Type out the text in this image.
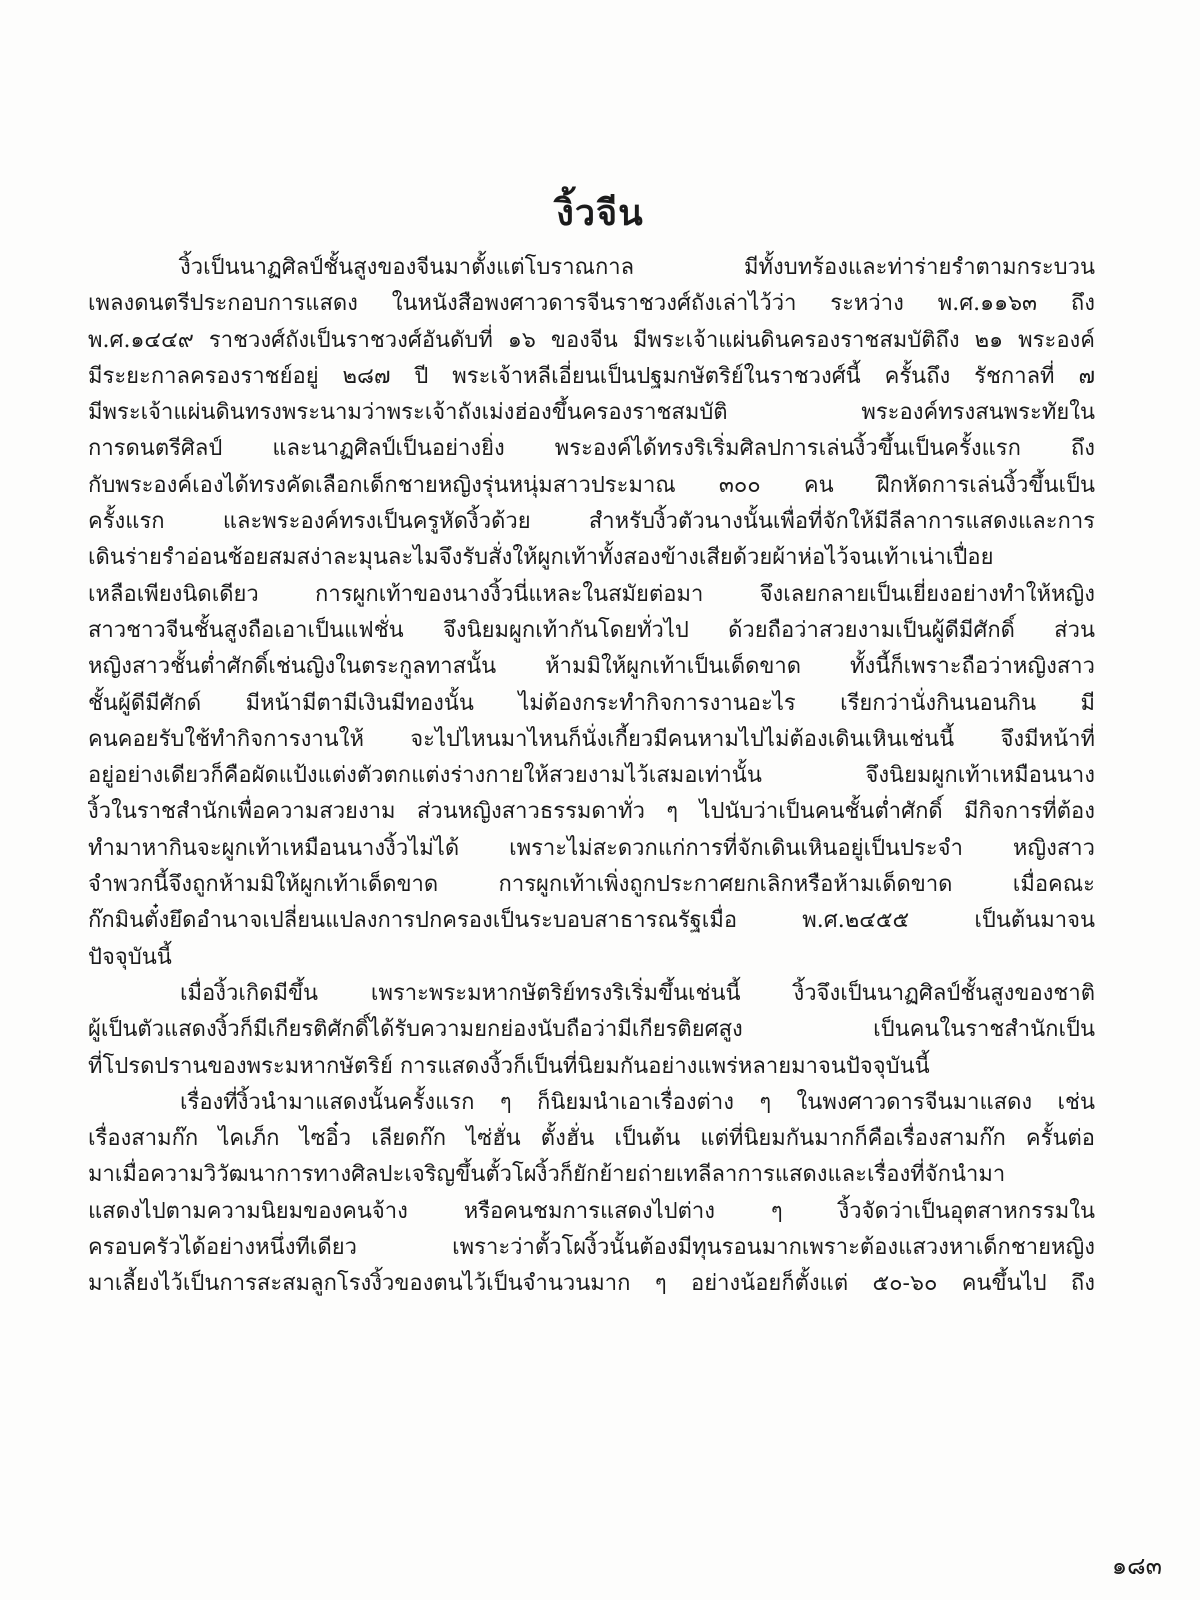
งิ้วจีน
งิ้วเป็นนาฏศิลป์ชั้นสูงของจีนมาตั้งแต่โบราณกาล มีทั้งบทร้องและท่าร่ายรำตามกระบวน
เพลงดนตรีประกอบการแสดง ในหนังสือพงศาวดารจีนราชวงศ์ถังเล่าไว้ว่า ระหว่าง พ.ศ.๑๑๖๓ ถึง
พ.ศ.๑๔๔๙ ราชวงศ์ถังเป็นราชวงศ์อันดับที่ ๑๖ ของจีน มีพระเจ้าแผ่นดินครองราชสมบัติถึง ๒๑ พระองค์
มีระยะกาลครองราชย์อยู่ ๒๘๗ ปี พระเจ้าหลีเอี่ยนเป็นปฐมกษัตริย์ในราชวงศ์นี้ ครั้นถึง รัชกาลที่ ๗
มีพระเจ้าแผ่นดินทรงพระนามว่าพระเจ้าถังเม่งฮ่องขึ้นครองราชสมบัติ พระองค์ทรงสนพระทัยใน
การดนตรีศิลป์ และนาฏศิลป์เป็นอย่างยิ่ง พระองค์ได้ทรงริเริ่มศิลปการเล่นงิ้วขึ้นเป็นครั้งแรก ถึง
กับพระองค์เองได้ทรงคัดเลือกเด็กชายหญิงรุ่นหนุ่มสาวประมาณ ๓๐๐ คน ฝึกหัดการเล่นงิ้วขึ้นเป็น
ครั้งแรก และพระองค์ทรงเป็นครูหัดงิ้วด้วย สำหรับงิ้วตัวนางนั้นเพื่อที่จักให้มีลีลาการแสดงและการ
เดินร่ายรำอ่อนช้อยสมสง่าละมุนละไมจึงรับสั่งให้ผูกเท้าทั้งสองข้างเสียด้วยผ้าห่อไว้จนเท้าเน่าเปื่อย
เหลือเพียงนิดเดียว การผูกเท้าของนางงิ้วนี่แหละในสมัยต่อมา จึงเลยกลายเป็นเยี่ยงอย่างทำให้หญิง
สาวชาวจีนชั้นสูงถือเอาเป็นแฟชั่น จึงนิยมผูกเท้ากันโดยทั่วไป ด้วยถือว่าสวยงามเป็นผู้ดีมีศักดิ์ ส่วน
หญิงสาวชั้นต่ำศักดิ์เช่นญิงในตระกูลทาสนั้น ห้ามมิให้ผูกเท้าเป็นเด็ดขาด ทั้งนี้ก็เพราะถือว่าหญิงสาว
ชั้นผู้ดีมีศักด์ มีหน้ามีตามีเงินมีทองนั้น ไม่ต้องกระทำกิจการงานอะไร เรียกว่านั่งกินนอนกิน มี
คนคอยรับใช้ทำกิจการงานให้ จะไปไหนมาไหนก็นั่งเกี้ยวมีคนหามไปไม่ต้องเดินเหินเช่นนี้ จึงมีหน้าที่
อยู่อย่างเดียวก็คือผัดแป้งแต่งตัวตกแต่งร่างกายให้สวยงามไว้เสมอเท่านั้น จึงนิยมผูกเท้าเหมือนนาง
งิ้วในราชสำนักเพื่อความสวยงาม ส่วนหญิงสาวธรรมดาทั่ว ๆ ไปนับว่าเป็นคนชั้นต่ำศักดิ์ มีกิจการที่ต้อง
ทำมาหากินจะผูกเท้าเหมือนนางงิ้วไม่ได้ เพราะไม่สะดวกแก่การที่จักเดินเหินอยู่เป็นประจำ หญิงสาว
จำพวกนี้จึงถูกห้ามมิให้ผูกเท้าเด็ดขาด การผูกเท้าเพิ่งถูกประกาศยกเลิกหรือห้ามเด็ดขาด เมื่อคณะ
ก๊กมินตั๋งยึดอำนาจเปลี่ยนแปลงการปกครองเป็นระบอบสาธารณรัฐเมื่อ พ.ศ.๒๔๕๕ เป็นต้นมาจน
ปัจจุบันนี้
เมื่องิ้วเกิดมีขึ้น เพราะพระมหากษัตริย์ทรงริเริ่มขึ้นเช่นนี้ งิ้วจึงเป็นนาฏศิลป์ชั้นสูงของชาติ
ผู้เป็นตัวแสดงงิ้วก็มีเกียรติศักดิ์ได้รับความยกย่องนับถือว่ามีเกียรติยศสูง เป็นคนในราชสำนักเป็น
ที่โปรดปรานของพระมหากษัตริย์ การแสดงงิ้วก็เป็นที่นิยมกันอย่างแพร่หลายมาจนปัจจุบันนี้
เรื่องที่งิ้วนำมาแสดงนั้นครั้งแรก ๆ ก็นิยมนำเอาเรื่องต่าง ๆ ในพงศาวดารจีนมาแสดง เช่น
เรื่องสามก๊ก ไคเภ็ก ไซอิ๋ว เลียดก๊ก ไซ่ฮั่น ตั้งฮั่น เป็นต้น แต่ที่นิยมกันมากก็คือเรื่องสามก๊ก ครั้นต่อ
มาเมื่อความวิวัฒนาการทางศิลปะเจริญขึ้นตั้วโผงิ้วก็ยักย้ายถ่ายเทลีลาการแสดงและเรื่องที่จักนำมา
แสดงไปตามความนิยมของคนจ้าง หรือคนชมการแสดงไปต่าง ๆ งิ้วจัดว่าเป็นอุตสาหกรรมใน
ครอบครัวได้อย่างหนึ่งทีเดียว เพราะว่าตั้วโผงิ้วนั้นต้องมีทุนรอนมากเพราะต้องแสวงหาเด็กชายหญิง
มาเลี้ยงไว้เป็นการสะสมลูกโรงงิ้วของตนไว้เป็นจำนวนมาก ๆ อย่างน้อยก็ตั้งแต่ ๕๐-๖๐ คนขึ้นไป ถึง
๑๘๓
